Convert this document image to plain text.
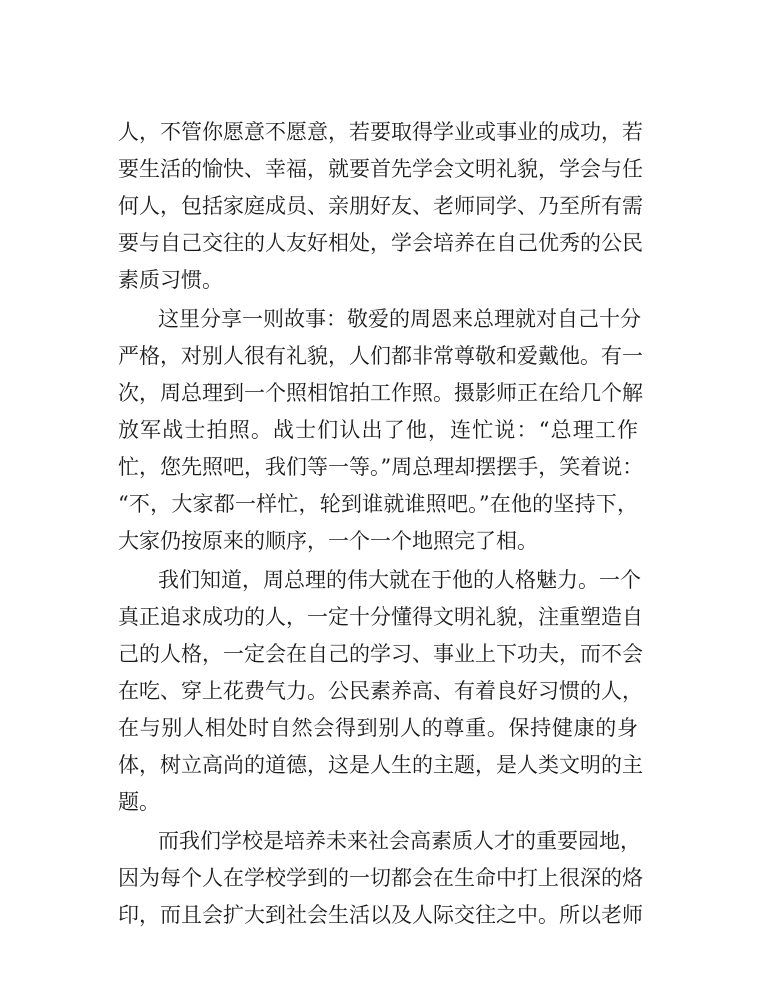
人，不管你愿意不愿意，若要取得学业或事业的成功，若

要生活的愉快、幸福，就要首先学会文明礼貌，学会与任

何人，包括家庭成员、亲朋好友、老师同学、乃至所有需

要与自己交往的人友好相处，学会培养在自己优秀的公民

素质习惯。

这里分享一则故事：敬爱的周恩来总理就对自己十分

严格，对别人很有礼貌，人们都非常尊敬和爱戴他。有一

次，周总理到一个照相馆拍工作照。摄影师正在给几个解

放军战士拍照。战士们认出了他，连忙说：“总理工作

忙，您先照吧，我们等一等。”周总理却摆摆手，笑着说：

“不，大家都一样忙，轮到谁就谁照吧。”在他的坚持下，

大家仍按原来的顺序，一个一个地照完了相。

我们知道，周总理的伟大就在于他的人格魅力。一个

真正追求成功的人，一定十分懂得文明礼貌，注重塑造自

己的人格，一定会在自己的学习、事业上下功夫，而不会

在吃、穿上花费气力。公民素养高、有着良好习惯的人，

在与别人相处时自然会得到别人的尊重。保持健康的身

体，树立高尚的道德，这是人生的主题，是人类文明的主

题。

而我们学校是培养未来社会高素质人才的重要园地，

因为每个人在学校学到的一切都会在生命中打上很深的烙

印，而且会扩大到社会生活以及人际交往之中。所以老师
